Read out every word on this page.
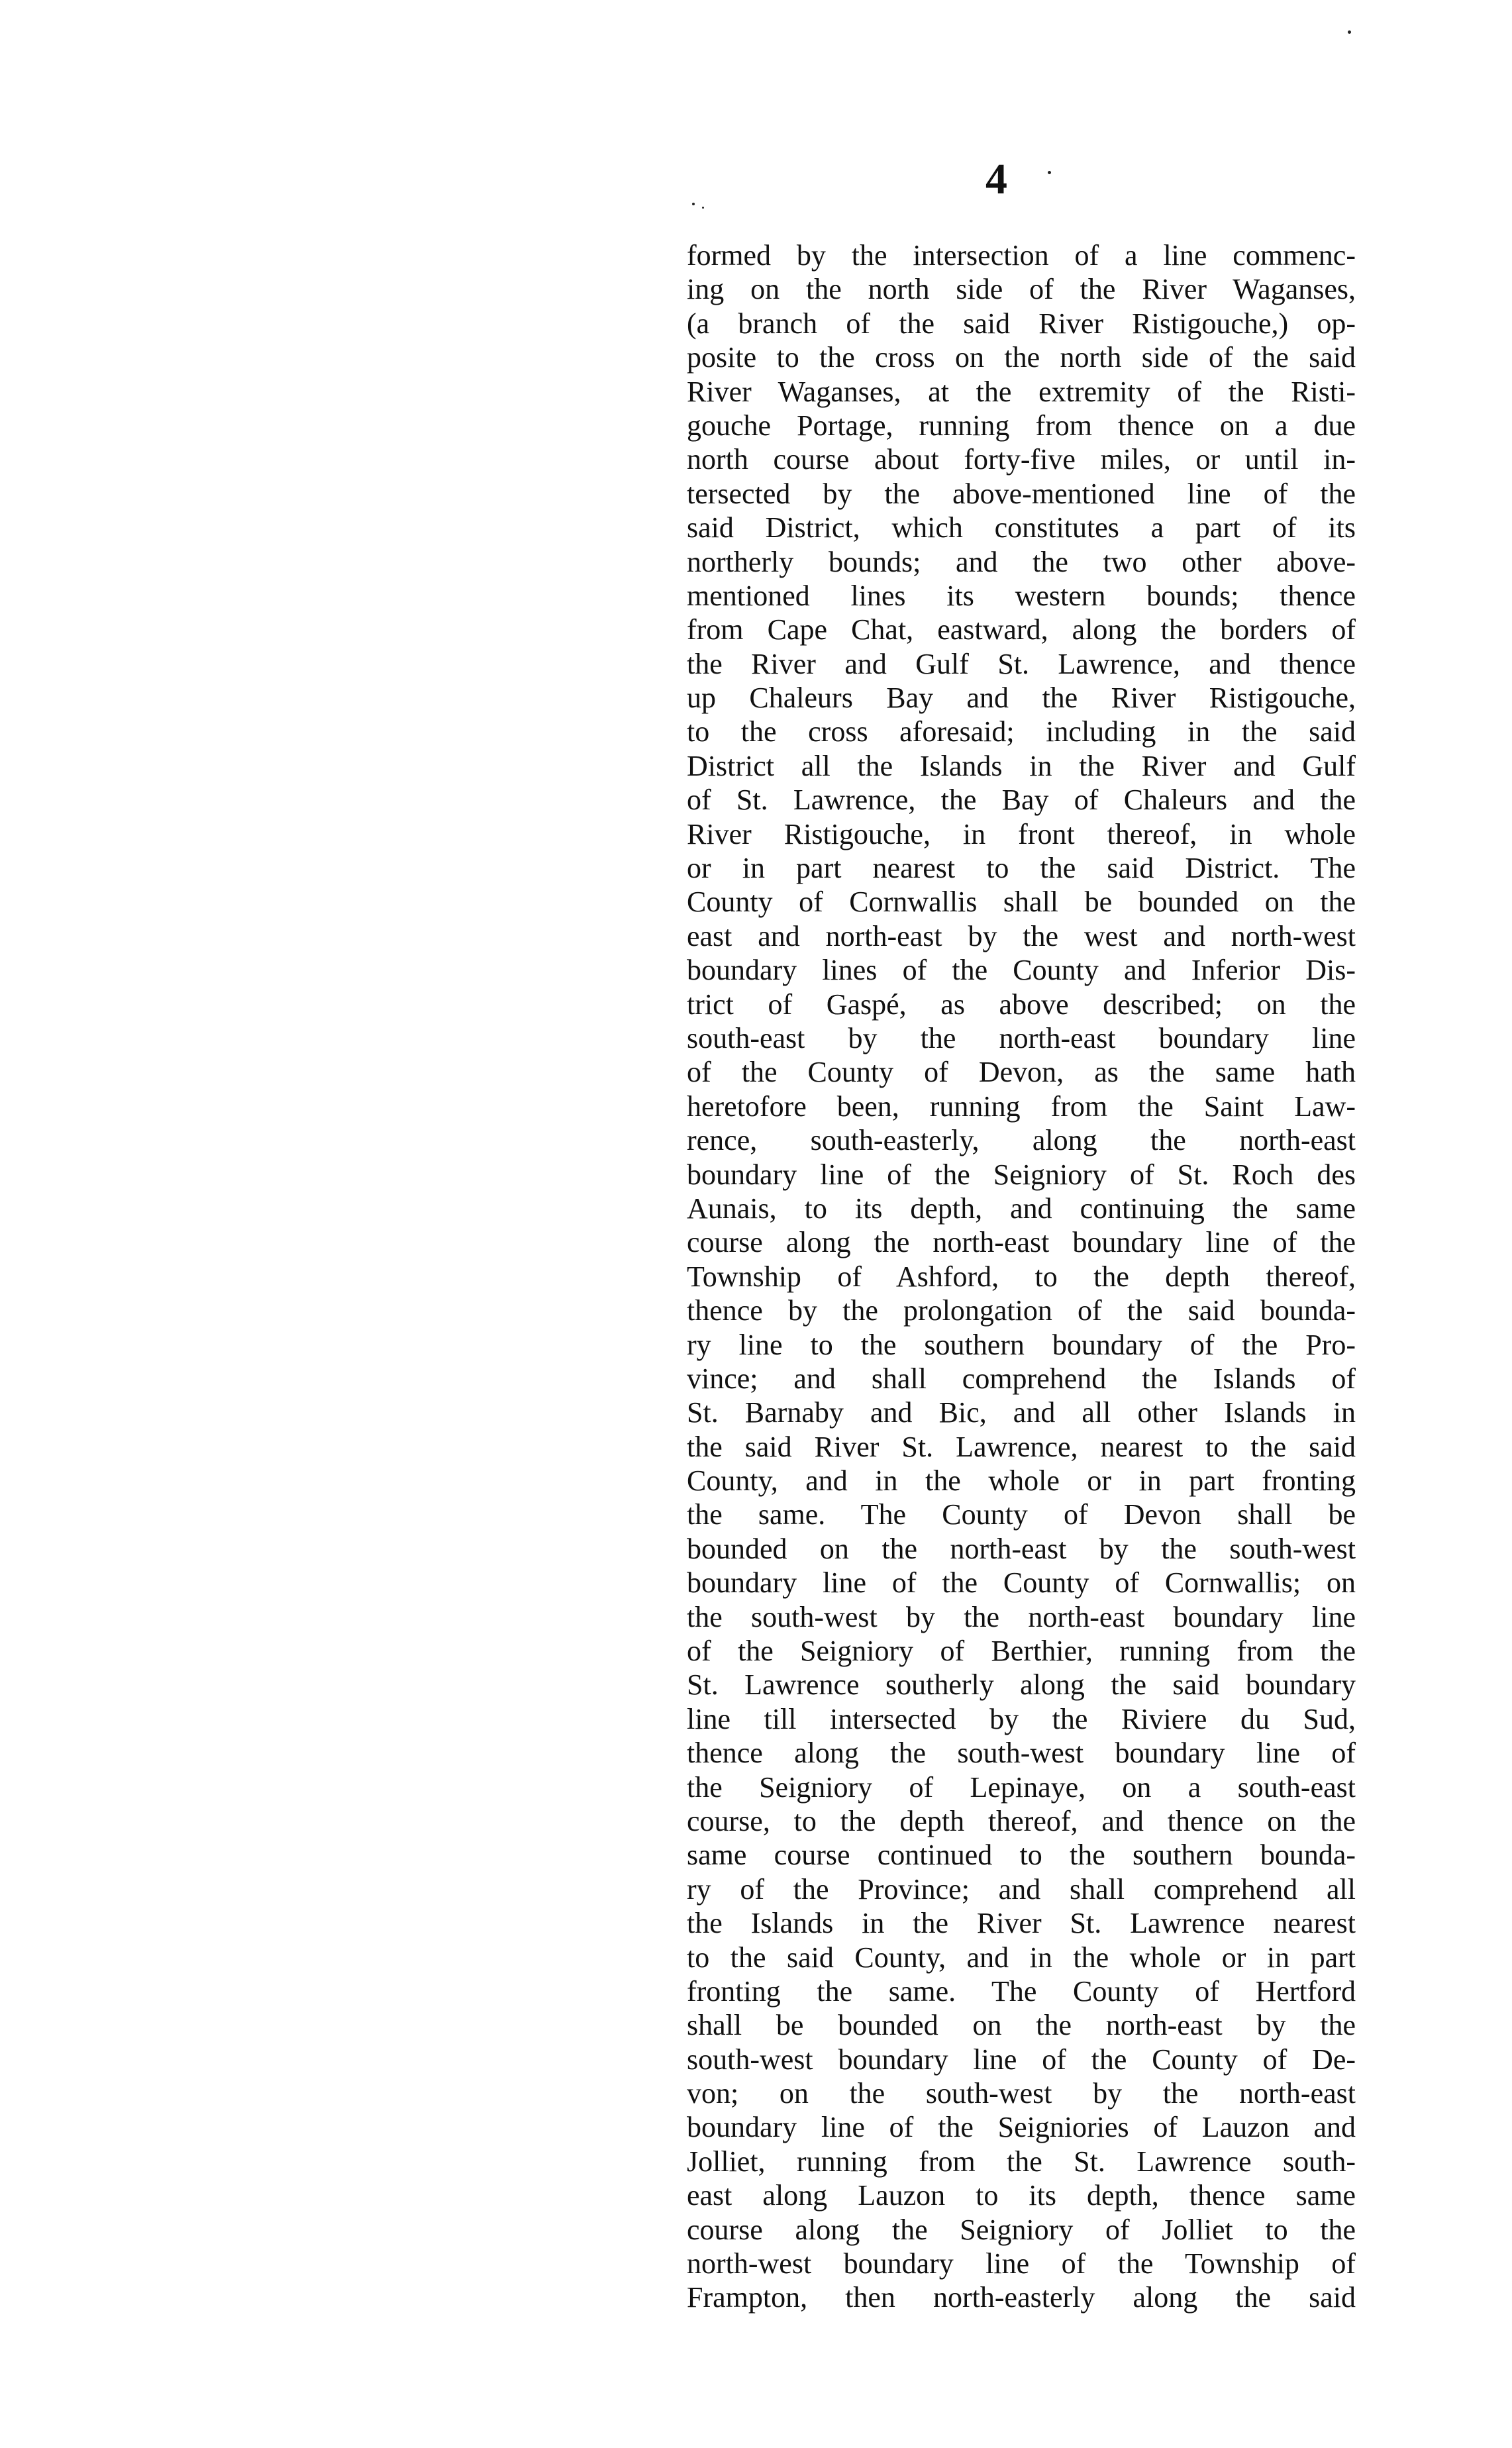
4
formed by the intersection of a line commenc-
ing on the north side of the River Waganses,
(a branch of the said River Ristigouche,) op-
posite to the cross on the north side of the said
River Waganses, at the extremity of the Risti-
gouche Portage, running from thence on a due
north course about forty-five miles, or until in-
tersected by the above-mentioned line of the
said District, which constitutes a part of its
northerly bounds; and the two other above-
mentioned lines its western bounds; thence
from Cape Chat, eastward, along the borders of
the River and Gulf St. Lawrence, and thence
up Chaleurs Bay and the River Ristigouche,
to the cross aforesaid; including in the said
District all the Islands in the River and Gulf
of St. Lawrence, the Bay of Chaleurs and the
River Ristigouche, in front thereof, in whole
or in part nearest to the said District. The
County of Cornwallis shall be bounded on the
east and north-east by the west and north-west
boundary lines of the County and Inferior Dis-
trict of Gaspé, as above described; on the
south-east by the north-east boundary line
of the County of Devon, as the same hath
heretofore been, running from the Saint Law-
rence, south-easterly, along the north-east
boundary line of the Seigniory of St. Roch des
Aunais, to its depth, and continuing the same
course along the north-east boundary line of the
Township of Ashford, to the depth thereof,
thence by the prolongation of the said bounda-
ry line to the southern boundary of the Pro-
vince; and shall comprehend the Islands of
St. Barnaby and Bic, and all other Islands in
the said River St. Lawrence, nearest to the said
County, and in the whole or in part fronting
the same. The County of Devon shall be
bounded on the north-east by the south-west
boundary line of the County of Cornwallis; on
the south-west by the north-east boundary line
of the Seigniory of Berthier, running from the
St. Lawrence southerly along the said boundary
line till intersected by the Riviere du Sud,
thence along the south-west boundary line of
the Seigniory of Lepinaye, on a south-east
course, to the depth thereof, and thence on the
same course continued to the southern bounda-
ry of the Province; and shall comprehend all
the Islands in the River St. Lawrence nearest
to the said County, and in the whole or in part
fronting the same. The County of Hertford
shall be bounded on the north-east by the
south-west boundary line of the County of De-
von; on the south-west by the north-east
boundary line of the Seigniories of Lauzon and
Jolliet, running from the St. Lawrence south-
east along Lauzon to its depth, thence same
course along the Seigniory of Jolliet to the
north-west boundary line of the Township of
Frampton, then north-easterly along the said
